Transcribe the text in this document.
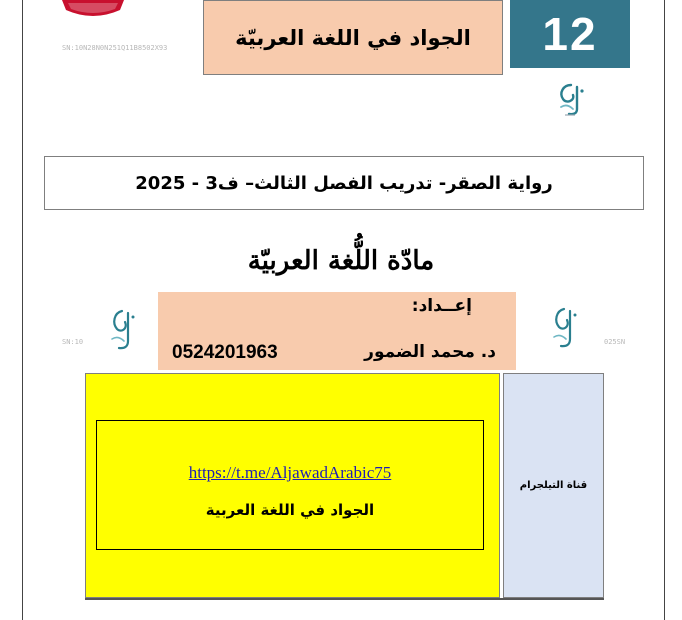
SN:10N28N0N251Q11B8502X93	الجواد في اللغة العربيّة 12
رواية الصقر- تدريب الفصل الثالث– ف3 - 2025
مادّة اللُّغة العربيّة
SN:10
إعــداد:
د. محمد الضمور
0524201963	025SN
https://t.me/AljawadArabic75
الجواد في اللغة العربية
قناة التيلجرام
